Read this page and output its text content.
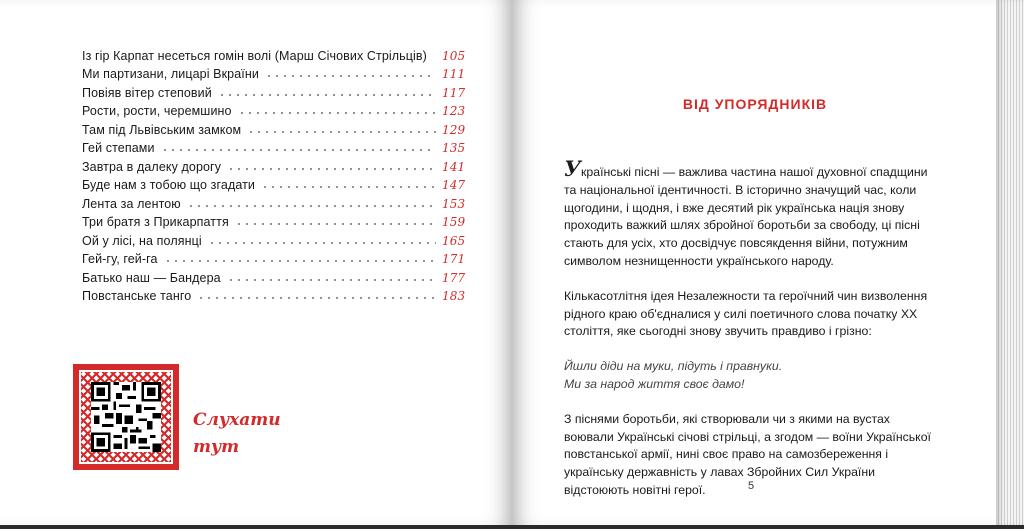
Із гір Карпат несеться гомін волі (Марш Січових Стрільців) 105
Ми партизани, лицарі Вкраїни	111
Повіяв вітер степовий	117
Рости, рости, черемшино	123
Там під Львівським замком	129
Гей степами	135
Завтра в далеку дорогу	141
Буде нам з тобою що згадати	147
Лента за лентою	153
Три братя з Прикарпаття	159
Ой у лісі, на полянці	165
Гей-гу, гей-га	171
Батько наш — Бандера	177
Повстанське танго	183
Слухати
тут
ВІД УПОРЯДНИКІВ

Українські пісні — важлива частина нашої духовної спадщини та національної ідентичності. В історично значущий час, коли щогодини, і щодня, і вже десятий рік українська нація знову проходить важкий шлях збройної боротьби за свободу, ці пісні стають для усіх, хто досвідчує повсякдення війни, потужним символом незнищенности українського народу.

Кількасотлітня ідея Незалежности та героїчний чин визволення рідного краю об'єдналися у силі поетичного слова початку XX століття, яке сьогодні знову звучить правдиво і грізно:

Йшли діди на муки, підуть і правнуки.
Ми за народ життя своє дамо!

З піснями боротьби, які створювали чи з якими на вустах воювали Українські січові стрільці, а згодом — воїни Української повстанської армії, нині своє право на самозбереження і українську державність у лавах Збройних Сил України відстоюють новітні герої.	5
